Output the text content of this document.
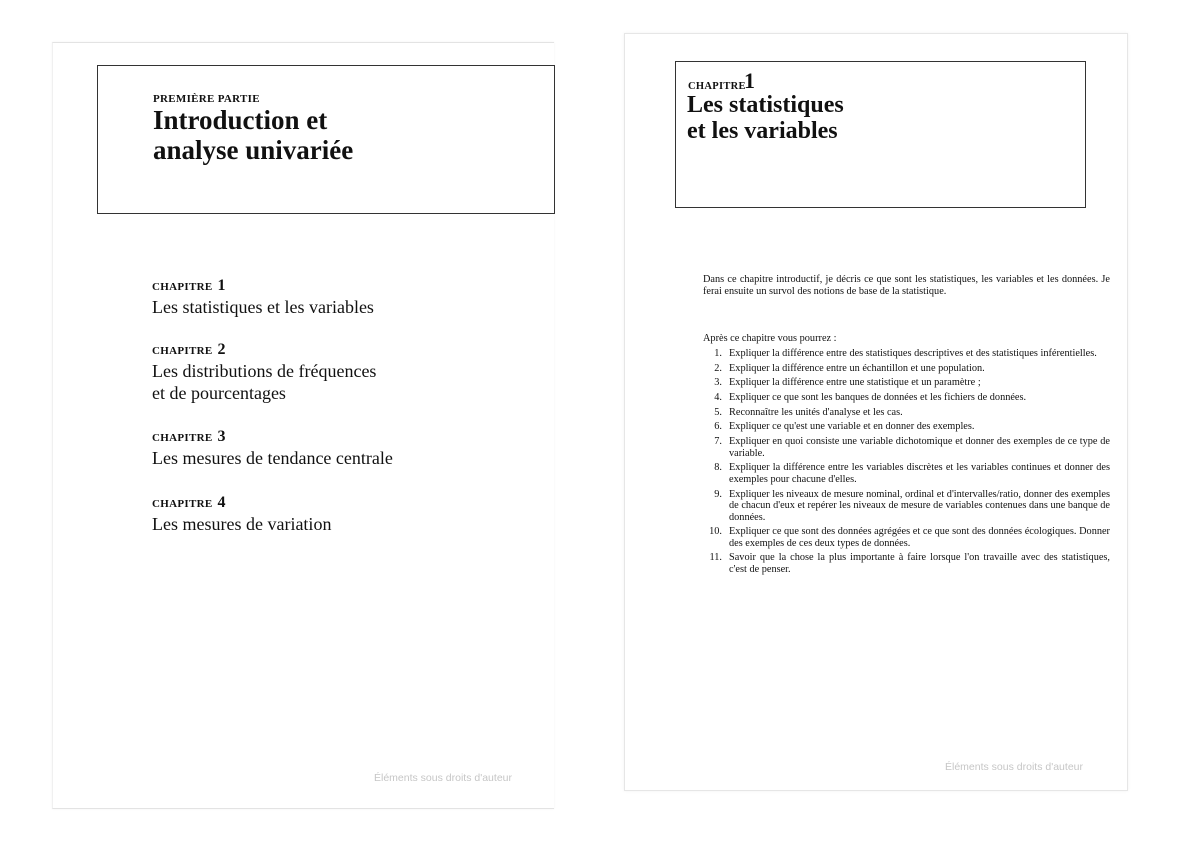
PREMIÈRE PARTIE
Introduction et
analyse univariée
CHAPITRE 1
Les statistiques et les variables
CHAPITRE 2
Les distributions de fréquences
et de pourcentages
CHAPITRE 3
Les mesures de tendance centrale
CHAPITRE 4
Les mesures de variation
Éléments sous droits d'auteur
CHAPITRE
1
Les statistiques
et les variables
Dans ce chapitre introductif, je décris ce que sont les statistiques, les variables et les données. Je ferai ensuite un survol des notions de base de la statistique.
Après ce chapitre vous pourrez :
1. Expliquer la différence entre des statistiques descriptives et des statistiques inférentielles.
2. Expliquer la différence entre un échantillon et une population.
3. Expliquer la différence entre une statistique et un paramètre ;
4. Expliquer ce que sont les banques de données et les fichiers de données.
5. Reconnaître les unités d'analyse et les cas.
6. Expliquer ce qu'est une variable et en donner des exemples.
7. Expliquer en quoi consiste une variable dichotomique et donner des exemples de ce type de variable.
8. Expliquer la différence entre les variables discrètes et les variables continues et donner des exemples pour chacune d'elles.
9. Expliquer les niveaux de mesure nominal, ordinal et d'intervalles/ratio, donner des exemples de chacun d'eux et repérer les niveaux de mesure de variables contenues dans une banque de données.
10. Expliquer ce que sont des données agrégées et ce que sont des données écologiques. Donner des exemples de ces deux types de données.
11. Savoir que la chose la plus importante à faire lorsque l'on travaille avec des statistiques, c'est de penser.
Éléments sous droits d'auteur
